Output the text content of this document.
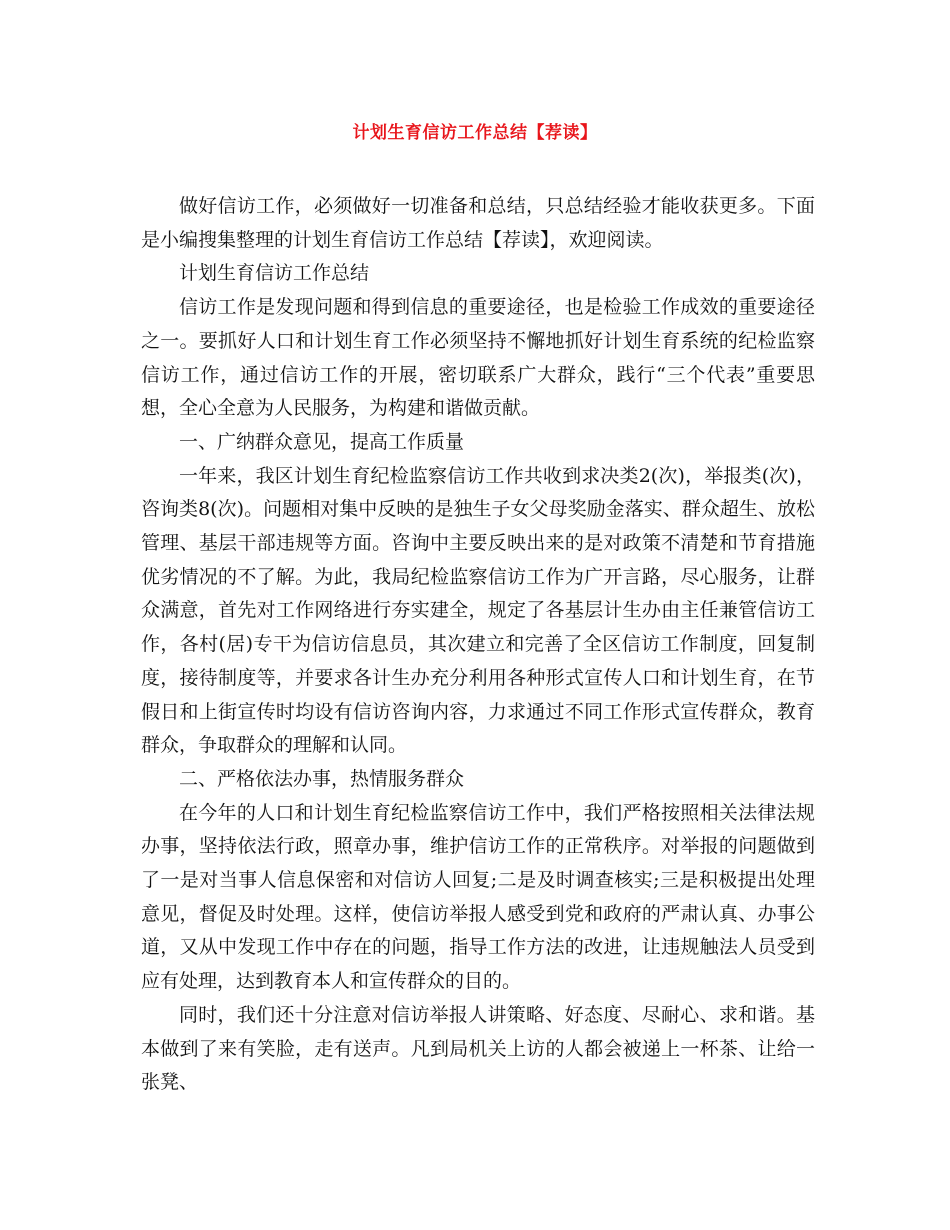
计划生育信访工作总结【荐读】

做好信访工作，必须做好一切准备和总结，只总结经验才能收获更多。下面是小编搜集整理的计划生育信访工作总结【荐读】，欢迎阅读。

计划生育信访工作总结

信访工作是发现问题和得到信息的重要途径，也是检验工作成效的重要途径之一。要抓好人口和计划生育工作必须坚持不懈地抓好计划生育系统的纪检监察信访工作，通过信访工作的开展，密切联系广大群众，践行“三个代表”重要思想，全心全意为人民服务，为构建和谐做贡献。

一、广纳群众意见，提高工作质量

一年来，我区计划生育纪检监察信访工作共收到求决类2(次)，举报类(次)，咨询类8(次)。问题相对集中反映的是独生子女父母奖励金落实、群众超生、放松管理、基层干部违规等方面。咨询中主要反映出来的是对政策不清楚和节育措施优劣情况的不了解。为此，我局纪检监察信访工作为广开言路，尽心服务，让群众满意，首先对工作网络进行夯实建全，规定了各基层计生办由主任兼管信访工作，各村(居)专干为信访信息员，其次建立和完善了全区信访工作制度，回复制度，接待制度等，并要求各计生办充分利用各种形式宣传人口和计划生育，在节假日和上街宣传时均设有信访咨询内容，力求通过不同工作形式宣传群众，教育群众，争取群众的理解和认同。

二、严格依法办事，热情服务群众

在今年的人口和计划生育纪检监察信访工作中，我们严格按照相关法律法规办事，坚持依法行政，照章办事，维护信访工作的正常秩序。对举报的问题做到了一是对当事人信息保密和对信访人回复;二是及时调查核实;三是积极提出处理意见，督促及时处理。这样，使信访举报人感受到党和政府的严肃认真、办事公道，又从中发现工作中存在的问题，指导工作方法的改进，让违规触法人员受到应有处理，达到教育本人和宣传群众的目的。

同时，我们还十分注意对信访举报人讲策略、好态度、尽耐心、求和谐。基本做到了来有笑脸，走有送声。凡到局机关上访的人都会被递上一杯茶、让给一张凳、
